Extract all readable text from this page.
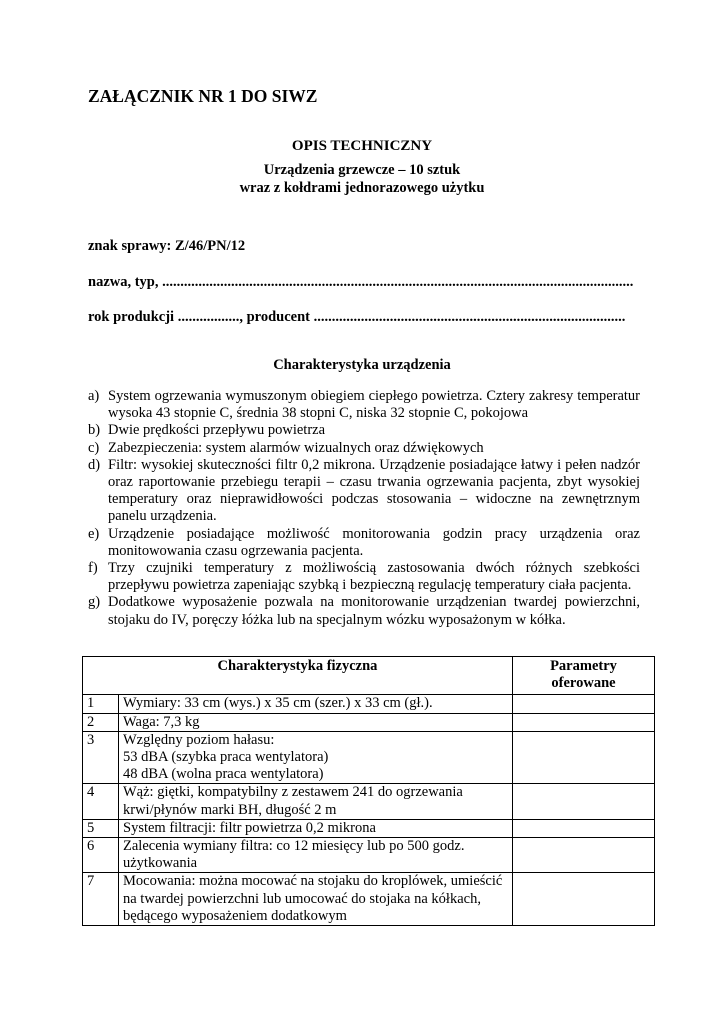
ZAŁĄCZNIK NR 1 DO SIWZ
OPIS TECHNICZNY
Urządzenia grzewcze – 10 sztuk
wraz z kołdrami jednorazowego użytku
znak sprawy: Z/46/PN/12
nazwa, typ, ..................................................................................................................................
rok produkcji ................., producent ......................................................................................
Charakterystyka urządzenia
a) System ogrzewania wymuszonym obiegiem ciepłego powietrza. Cztery zakresy temperatur wysoka 43 stopnie C, średnia 38 stopni C, niska 32 stopnie C, pokojowa
b) Dwie prędkości przepływu powietrza
c) Zabezpieczenia: system alarmów wizualnych oraz dźwiękowych
d) Filtr: wysokiej skuteczności filtr 0,2 mikrona. Urządzenie posiadające łatwy i pełen nadzór oraz raportowanie przebiegu terapii – czasu trwania ogrzewania pacjenta, zbyt wysokiej temperatury oraz nieprawidłowości podczas stosowania – widoczne na zewnętrznym panelu urządzenia.
e) Urządzenie posiadające możliwość monitorowania godzin pracy urządzenia oraz monitowowania czasu ogrzewania pacjenta.
f) Trzy czujniki temperatury z możliwością zastosowania dwóch różnych szebkości przepływu powietrza zapeniając szybką i bezpieczną regulację temperatury ciała pacjenta.
g) Dodatkowe wyposażenie pozwala na monitorowanie urządzenian twardej powierzchni, stojaku do IV, poręczy łóżka lub na specjalnym wózku wyposażonym w kółka.
Charakterystyka fizyczna		Parametry
oferowane

1	Wymiary: 33 cm (wys.) x 35 cm (szer.) x 33 cm (gł.).	

2	Waga: 7,3 kg	

3	Względny poziom hałasu:
53 dBA (szybka praca wentylatora)
48 dBA (wolna praca wentylatora)	

4	Wąż: giętki, kompatybilny z zestawem 241 do ogrzewania
krwi/płynów marki BH, długość 2 m	

5	System filtracji: filtr powietrza 0,2 mikrona	

6	Zalecenia wymiany filtra: co 12 miesięcy lub po 500 godz.
użytkowania	

7	Mocowania: można mocować na stojaku do kroplówek, umieścić
na twardej powierzchni lub umocować do stojaka na kółkach,
będącego wyposażeniem dodatkowym	
